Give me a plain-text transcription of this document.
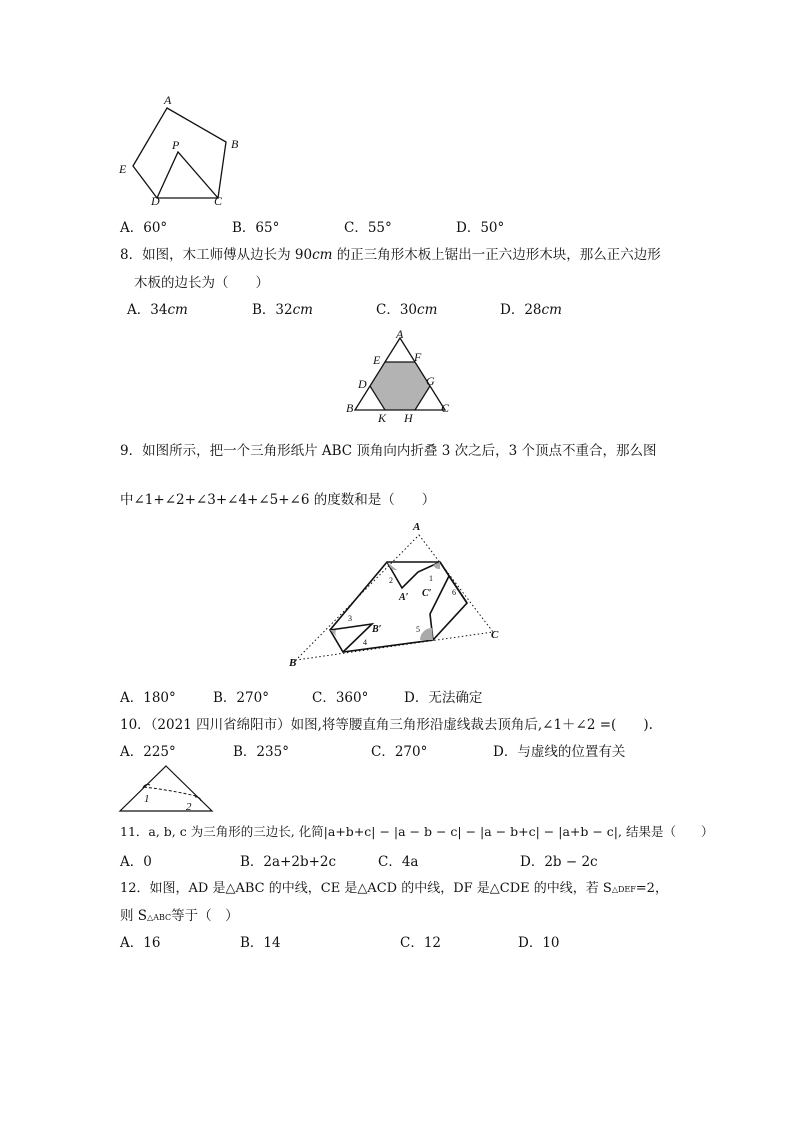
A
B
P
E
D	C
A．60°	B．65°	C．55°	D．50°
8．如图，木工师傅从边长为 90cm 的正三角形木板上锯出一正六边形木块，那么正六边形
木板的边长为（　　）
A．34cm	B．32cm	C．30cm	D．28cm
A
E	F
D	G
B	C
K H
9．如图所示，把一个三角形纸片 ABC 顶角向内折叠 3 次之后，3 个顶点不重合，那么图
中∠1+∠2+∠3+∠4+∠5+∠6 的度数和是（　　）
A
B
C
A′ C′
B′
1
2
3
4
5
6
A．180°	B．270°	C．360°	D．无法确定
10．（2021 四川省绵阳市）如图,将等腰直角三角形沿虚线裁去顶角后,∠1＋∠2 =(　　).
A．225°	B．235°	C．270°	D．与虚线的位置有关
1
2
11．a, b, c 为三角形的三边长, 化简|a+b+c| − |a − b − c| − |a − b+c| − |a+b − c|, 结果是（　　）
A．0	B．2a+2b+2c	C．4a	D．2b − 2c
12．如图，AD 是△ABC 的中线，CE 是△ACD 的中线，DF 是△CDE 的中线，若 S△DEF=2，
则 S△ABC等于（　）
A．16	B．14	C．12	D．10
